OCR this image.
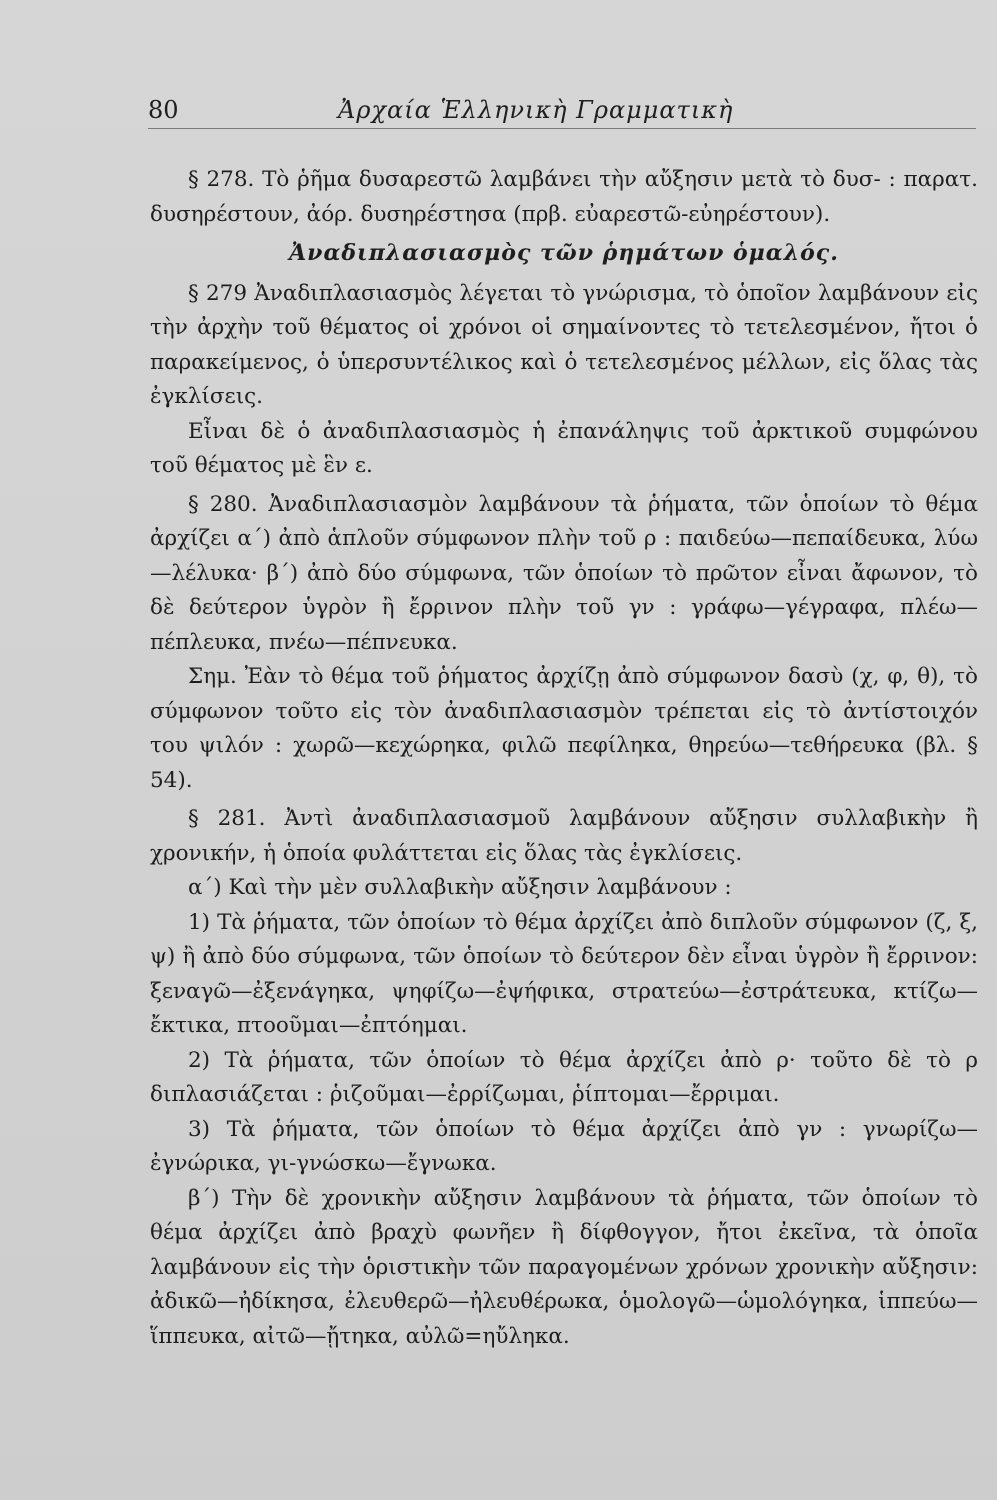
80	Ἀρχαία Ἑλληνικὴ Γραμματικὴ

§ 278. Τὸ ῥῆμα δυσαρεστῶ λαμβάνει τὴν αὔξησιν μετὰ τὸ δυσ- : παρατ. δυσηρέστουν, ἀόρ. δυσηρέστησα (πρβ. εὐαρεστῶ-εὐηρέστουν).

Ἀναδιπλασιασμὸς τῶν ῥημάτων ὁμαλός.

§ 279 Ἀναδιπλασιασμὸς λέγεται τὸ γνώρισμα, τὸ ὁποῖον λαμβάνουν εἰς τὴν ἀρχὴν τοῦ θέματος οἱ χρόνοι οἱ σημαίνοντες τὸ τετελεσμένον, ἤτοι ὁ παρακείμενος, ὁ ὑπερσυντέλικος καὶ ὁ τετελεσμένος μέλλων, εἰς ὅλας τὰς ἐγκλίσεις.

Εἶναι δὲ ὁ ἀναδιπλασιασμὸς ἡ ἐπανάληψις τοῦ ἀρκτικοῦ συμφώνου τοῦ θέματος μὲ ἓν ε.

§ 280. Ἀναδιπλασιασμὸν λαμβάνουν τὰ ῥήματα, τῶν ὁποίων τὸ θέμα ἀρχίζει α΄) ἀπὸ ἁπλοῦν σύμφωνον πλὴν τοῦ ρ : παιδεύω—πεπαίδευκα, λύω—λέλυκα· β΄) ἀπὸ δύο σύμφωνα, τῶν ὁποίων τὸ πρῶτον εἶναι ἄφωνον, τὸ δὲ δεύτερον ὑγρὸν ἢ ἔρρινον πλὴν τοῦ γν : γράφω—γέγραφα, πλέω—πέπλευκα, πνέω—πέπνευκα.

Σημ. Ἐὰν τὸ θέμα τοῦ ῥήματος ἀρχίζῃ ἀπὸ σύμφωνον δασὺ (χ, φ, θ), τὸ σύμφωνον τοῦτο εἰς τὸν ἀναδιπλασιασμὸν τρέπεται εἰς τὸ ἀντίστοιχόν του ψιλόν : χωρῶ—κεχώρηκα, φιλῶ πεφίληκα, θηρεύω—τεθήρευκα (βλ. § 54).

§ 281. Ἀντὶ ἀναδιπλασιασμοῦ λαμβάνουν αὔξησιν συλλαβικὴν ἢ χρονικήν, ἡ ὁποία φυλάττεται εἰς ὅλας τὰς ἐγκλίσεις.

α΄) Καὶ τὴν μὲν συλλαβικὴν αὔξησιν λαμβάνουν :

1) Τὰ ῥήματα, τῶν ὁποίων τὸ θέμα ἀρχίζει ἀπὸ διπλοῦν σύμφωνον (ζ, ξ, ψ) ἢ ἀπὸ δύο σύμφωνα, τῶν ὁποίων τὸ δεύτερον δὲν εἶναι ὑγρὸν ἢ ἔρρινον: ξεναγῶ—ἐξενάγηκα, ψηφίζω—ἐψήφικα, στρατεύω—ἐστράτευκα, κτίζω—ἔκτικα, πτοοῦμαι—ἐπτόημαι.

2) Τὰ ῥήματα, τῶν ὁποίων τὸ θέμα ἀρχίζει ἀπὸ ρ· τοῦτο δὲ τὸ ρ διπλασιάζεται : ῥιζοῦμαι—ἐρρίζωμαι, ῥίπτομαι—ἔρριμαι.

3) Τὰ ῥήματα, τῶν ὁποίων τὸ θέμα ἀρχίζει ἀπὸ γν : γνωρίζω—ἐγνώρικα, γι-γνώσκω—ἔγνωκα.

β΄) Τὴν δὲ χρονικὴν αὔξησιν λαμβάνουν τὰ ῥήματα, τῶν ὁποίων τὸ θέμα ἀρχίζει ἀπὸ βραχὺ φωνῆεν ἢ δίφθογγον, ἤτοι ἐκεῖνα, τὰ ὁποῖα λαμβάνουν εἰς τὴν ὁριστικὴν τῶν παραγομένων χρόνων χρονικὴν αὔξησιν: ἀδικῶ—ἠδίκησα, ἐλευθερῶ—ἠλευθέρωκα, ὁμολογῶ—ὡμολόγηκα, ἱππεύω—ἵππευκα, αἰτῶ—ᾔτηκα, αὐλῶ=ηὔληκα.
